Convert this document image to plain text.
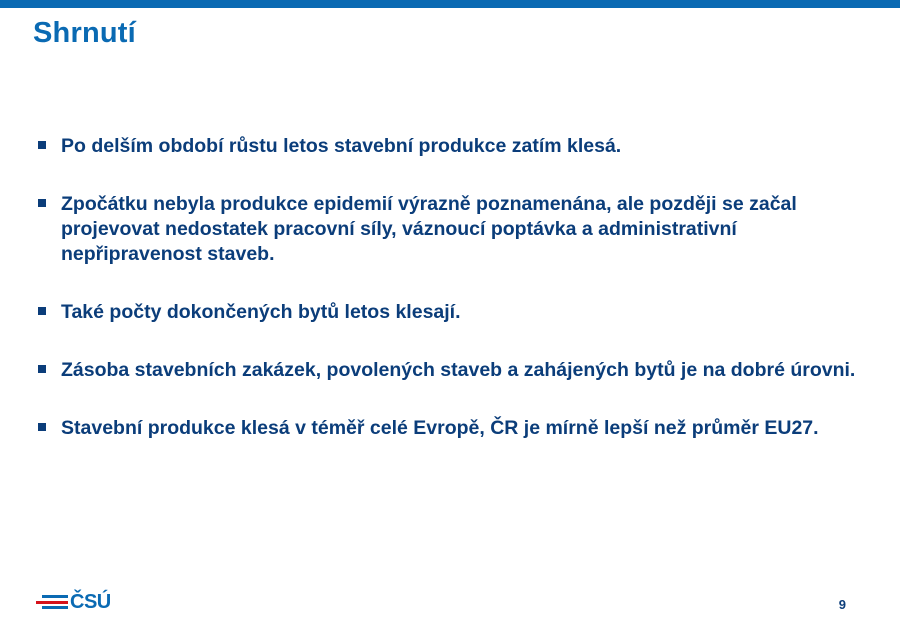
Shrnutí
Po delším období růstu letos stavební produkce zatím klesá.
Zpočátku nebyla produkce epidemií výrazně poznamenána, ale později se začal projevovat nedostatek pracovní síly, váznoucí poptávka a administrativní nepřipravenost staveb.
Také počty dokončených bytů letos klesají.
Zásoba stavebních zakázek, povolených staveb a zahájených bytů je na dobré úrovni.
Stavební produkce klesá v téměř celé Evropě, ČR je mírně lepší než průměr EU27.
ČSÚ	9
